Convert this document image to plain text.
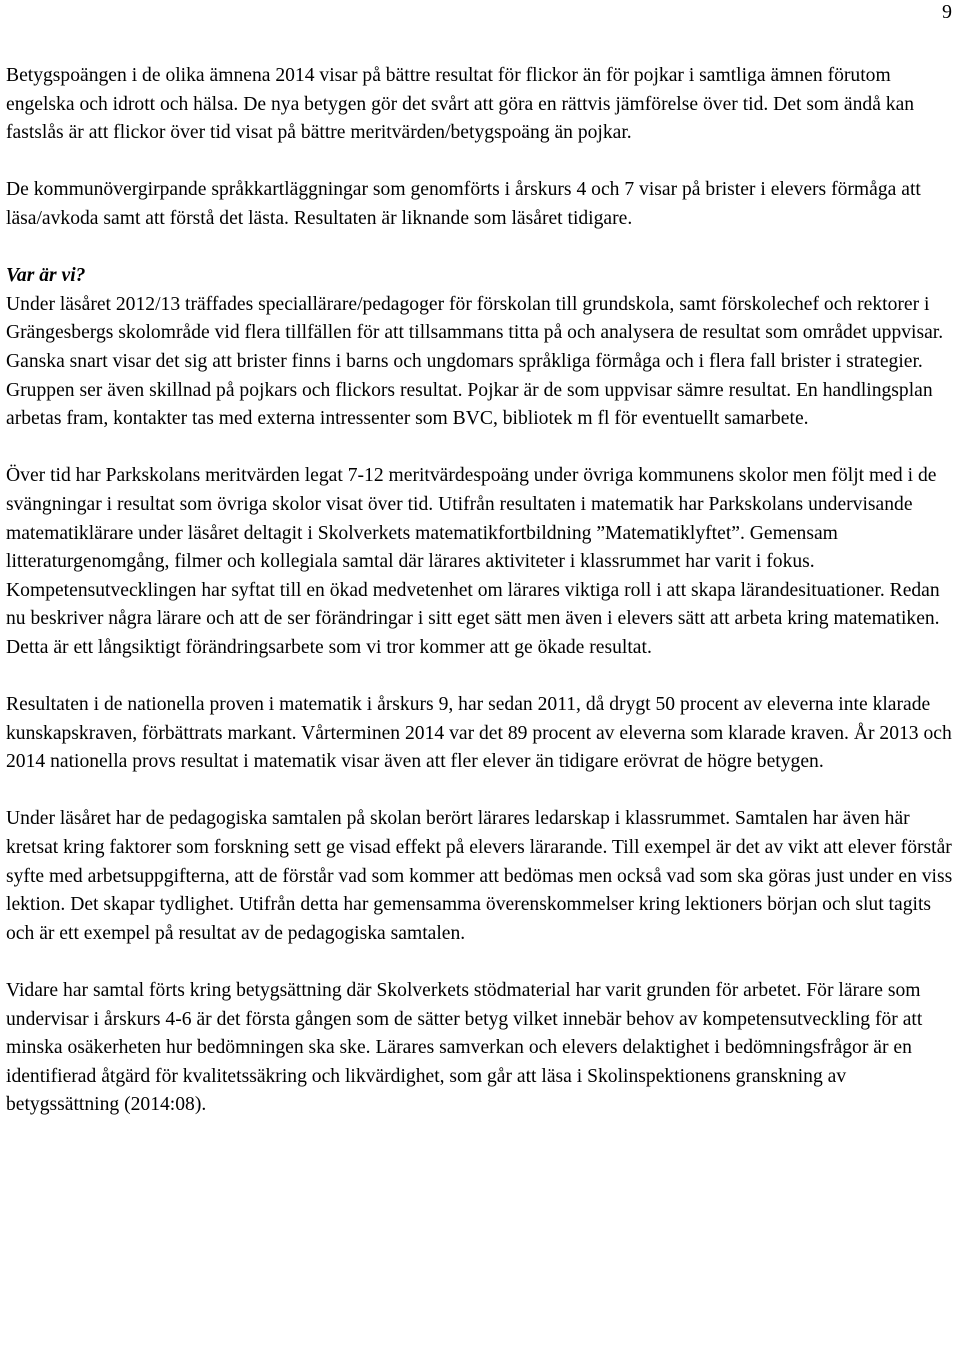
9

Betygspoängen i de olika ämnena 2014 visar på bättre resultat för flickor än för pojkar i samtliga ämnen förutom engelska och idrott och hälsa. De nya betygen gör det svårt att göra en rättvis jämförelse över tid. Det som ändå kan fastslås är att flickor över tid visat på bättre meritvärden/betygspoäng än pojkar.

De kommunövergirpande språkkartläggningar som genomförts i årskurs 4 och 7 visar på brister i elevers förmåga att läsa/avkoda samt att förstå det lästa. Resultaten är liknande som läsåret tidigare.

Var är vi?

Under läsåret 2012/13 träffades speciallärare/pedagoger för förskolan till grundskola, samt förskolechef och rektorer i Grängesbergs skolområde vid flera tillfällen för att tillsammans titta på och analysera de resultat som området uppvisar. Ganska snart visar det sig att brister finns i barns och ungdomars språkliga förmåga och i flera fall brister i strategier. Gruppen ser även skillnad på pojkars och flickors resultat. Pojkar är de som uppvisar sämre resultat. En handlingsplan arbetas fram, kontakter tas med externa intressenter som BVC, bibliotek m fl för eventuellt samarbete.

Över tid har Parkskolans meritvärden legat 7-12 meritvärdespoäng under övriga kommunens skolor men följt med i de svängningar i resultat som övriga skolor visat över tid. Utifrån resultaten i matematik har Parkskolans undervisande matematiklärare under läsåret deltagit i Skolverkets matematikfortbildning ”Matematiklyftet”. Gemensam litteraturgenomgång, filmer och kollegiala samtal där lärares aktiviteter i klassrummet har varit i fokus. Kompetensutvecklingen har syftat till en ökad medvetenhet om lärares viktiga roll i att skapa lärandesituationer. Redan nu beskriver några lärare och att de ser förändringar i sitt eget sätt men även i elevers sätt att arbeta kring matematiken. Detta är ett långsiktigt förändringsarbete som vi tror kommer att ge ökade resultat.

Resultaten i de nationella proven i matematik i årskurs 9, har sedan 2011, då drygt 50 procent av eleverna inte klarade kunskapskraven, förbättrats markant. Vårterminen 2014 var det 89 procent av eleverna som klarade kraven. År 2013 och 2014 nationella provs resultat i matematik visar även att fler elever än tidigare erövrat de högre betygen.

Under läsåret har de pedagogiska samtalen på skolan berört lärares ledarskap i klassrummet. Samtalen har även här kretsat kring faktorer som forskning sett ge visad effekt på elevers lärarande. Till exempel är det av vikt att elever förstår syfte med arbetsuppgifterna, att de förstår vad som kommer att bedömas men också vad som ska göras just under en viss lektion. Det skapar tydlighet. Utifrån detta har gemensamma överenskommelser kring lektioners början och slut tagits och är ett exempel på resultat av de pedagogiska samtalen.

Vidare har samtal förts kring betygsättning där Skolverkets stödmaterial har varit grunden för arbetet. För lärare som undervisar i årskurs 4-6 är det första gången som de sätter betyg vilket innebär behov av kompetensutveckling för att minska osäkerheten hur bedömningen ska ske. Lärares samverkan och elevers delaktighet i bedömningsfrågor är en identifierad åtgärd för kvalitetssäkring och likvärdighet, som går att läsa i Skolinspektionens granskning av betygssättning (2014:08).
